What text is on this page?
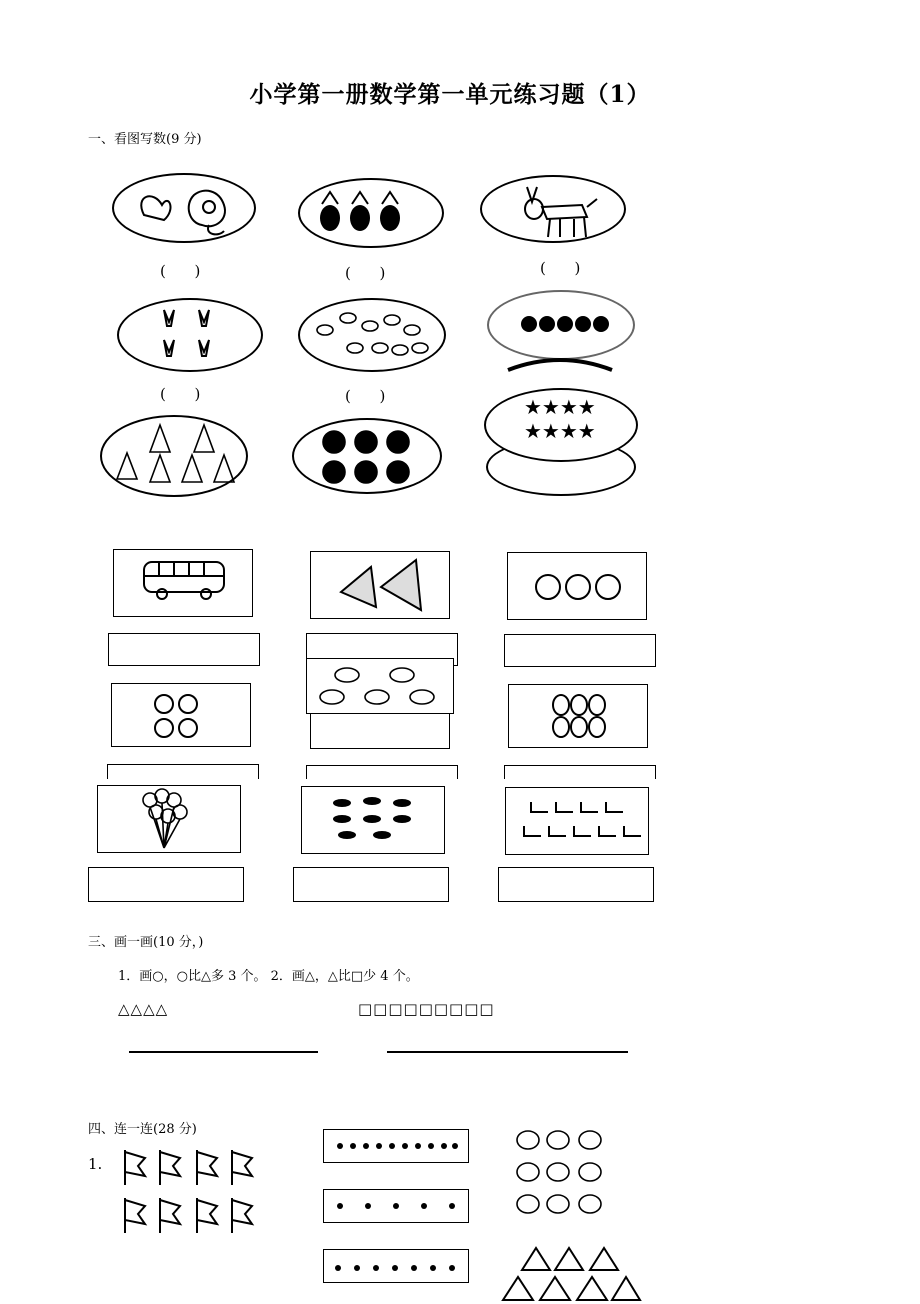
小学第一册数学第一单元练习题（1）
一、看图写数(9 分)
(      )	(      )	(      )
(      )	(      )	★★★★
★★★★
三、画一画(10 分，)
1．画○，○比△多 3 个。 2．画△，△比□少 4 个。
△△△△	□□□□□□□□□
四、连一连(28 分)
1.
